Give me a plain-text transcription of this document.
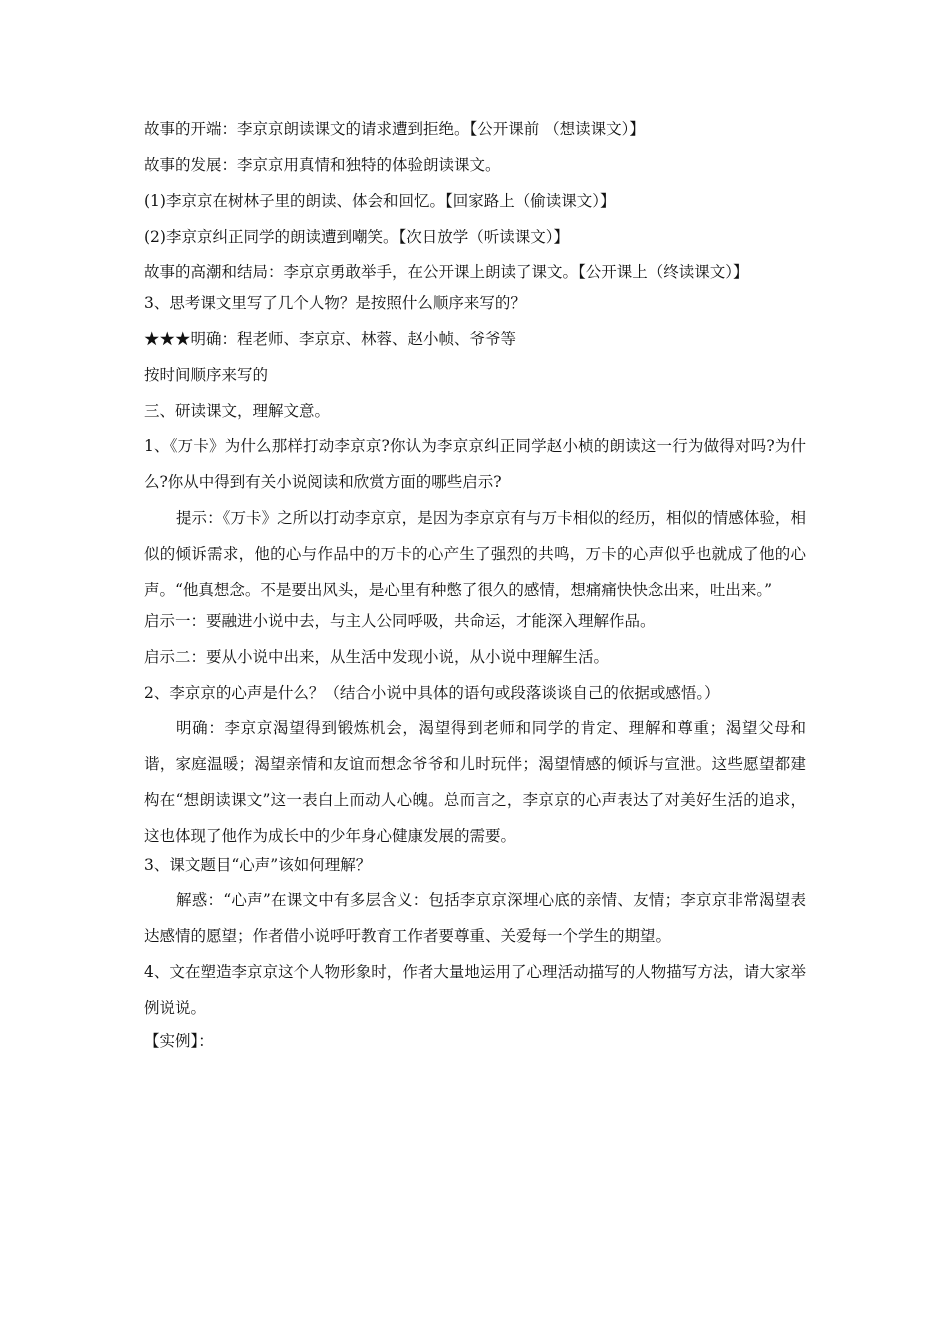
故事的开端：李京京朗读课文的请求遭到拒绝。【公开课前 （想读课文）】

故事的发展：李京京用真情和独特的体验朗读课文。

(1)李京京在树林子里的朗读、体会和回忆。【回家路上（偷读课文）】

(2)李京京纠正同学的朗读遭到嘲笑。【次日放学（听读课文）】

故事的高潮和结局：李京京勇敢举手，在公开课上朗读了课文。【公开课上（终读课文）】

3、思考课文里写了几个人物？是按照什么顺序来写的？

★★★明确：程老师、李京京、林蓉、赵小帧、爷爷等

按时间顺序来写的

三、研读课文，理解文意。

1、《万卡》为什么那样打动李京京?你认为李京京纠正同学赵小桢的朗读这一行为做得对吗?为什么?你从中得到有关小说阅读和欣赏方面的哪些启示?

提示：《万卡》之所以打动李京京，是因为李京京有与万卡相似的经历，相似的情感体验，相似的倾诉需求，他的心与作品中的万卡的心产生了强烈的共鸣，万卡的心声似乎也就成了他的心声。“他真想念。不是要出风头，是心里有种憋了很久的感情，想痛痛快快念出来，吐出来。”

启示一：要融进小说中去，与主人公同呼吸，共命运，才能深入理解作品。

启示二：要从小说中出来，从生活中发现小说，从小说中理解生活。

2、李京京的心声是什么？（结合小说中具体的语句或段落谈谈自己的依据或感悟。）

明确：李京京渴望得到锻炼机会，渴望得到老师和同学的肯定、理解和尊重；渴望父母和谐，家庭温暖；渴望亲情和友谊而想念爷爷和儿时玩伴；渴望情感的倾诉与宣泄。这些愿望都建构在“想朗读课文”这一表白上而动人心魄。总而言之，李京京的心声表达了对美好生活的追求，这也体现了他作为成长中的少年身心健康发展的需要。

3、课文题目“心声”该如何理解？

解惑：“心声”在课文中有多层含义：包括李京京深埋心底的亲情、友情；李京京非常渴望表达感情的愿望；作者借小说呼吁教育工作者要尊重、关爱每一个学生的期望。

4、文在塑造李京京这个人物形象时，作者大量地运用了心理活动描写的人物描写方法，请大家举例说说。

【实例】：
